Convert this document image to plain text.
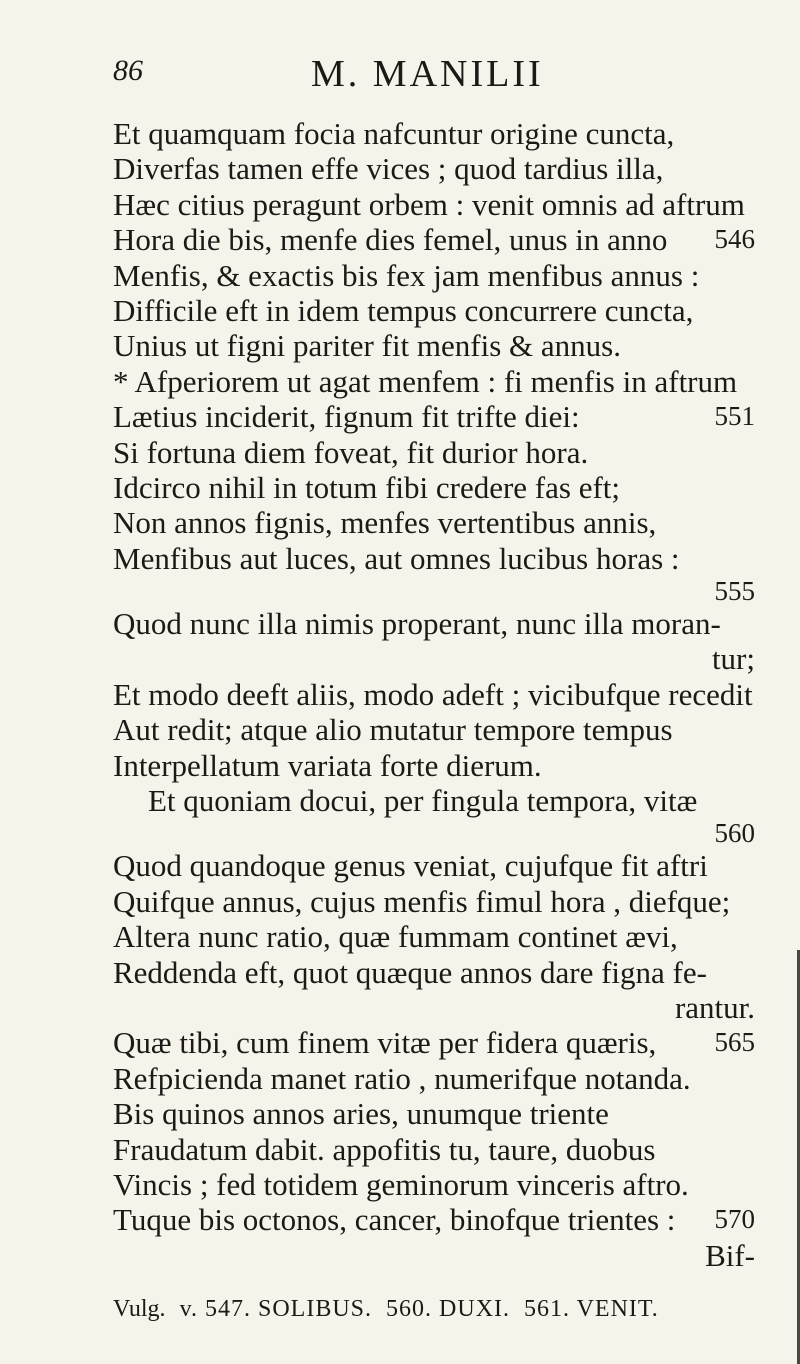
86	M. MANILII
Et quamquam focia nafcuntur origine cuncta,
Diverfas tamen effe vices ; quod tardius illa,
Hæc citius peragunt orbem : venit omnis ad aftrum
Hora die bis, menfe dies femel, unus in anno 546
Menfis, & exactis bis fex jam menfibus annus :
Difficile eft in idem tempus concurrere cuncta,
Unius ut figni pariter fit menfis & annus.
* Afperiorem ut agat menfem : fi menfis in aftrum
Lætius inciderit, fignum fit trifte diei:	551
Si fortuna diem foveat, fit durior hora.
Idcirco nihil in totum fibi credere fas eft;
Non annos fignis, menfes vertentibus annis,
Menfibus aut luces, aut omnes lucibus horas :
555
Quod nunc illa nimis properant, nunc illa moran-
tur;
Et modo deeft aliis, modo adeft ; vicibufque recedit
Aut redit; atque alio mutatur tempore tempus
Interpellatum variata forte dierum.
Et quoniam docui, per fingula tempora, vitæ
560
Quod quandoque genus veniat, cujufque fit aftri
Quifque annus, cujus menfis fimul hora , diefque;
Altera nunc ratio, quæ fummam continet ævi,
Reddenda eft, quot quæque annos dare figna fe-
rantur.
Quæ tibi, cum finem vitæ per fidera quæris, 565
Refpicienda manet ratio , numerifque notanda.
Bis quinos annos aries, unumque triente
Fraudatum dabit. appofitis tu, taure, duobus
Vincis ; fed totidem geminorum vinceris aftro.
Tuque bis octonos, cancer, binofque trientes : 570
Bif-
Vulg. v. 547. SOLIBUS. 560. DUXI. 561. VENIT.
